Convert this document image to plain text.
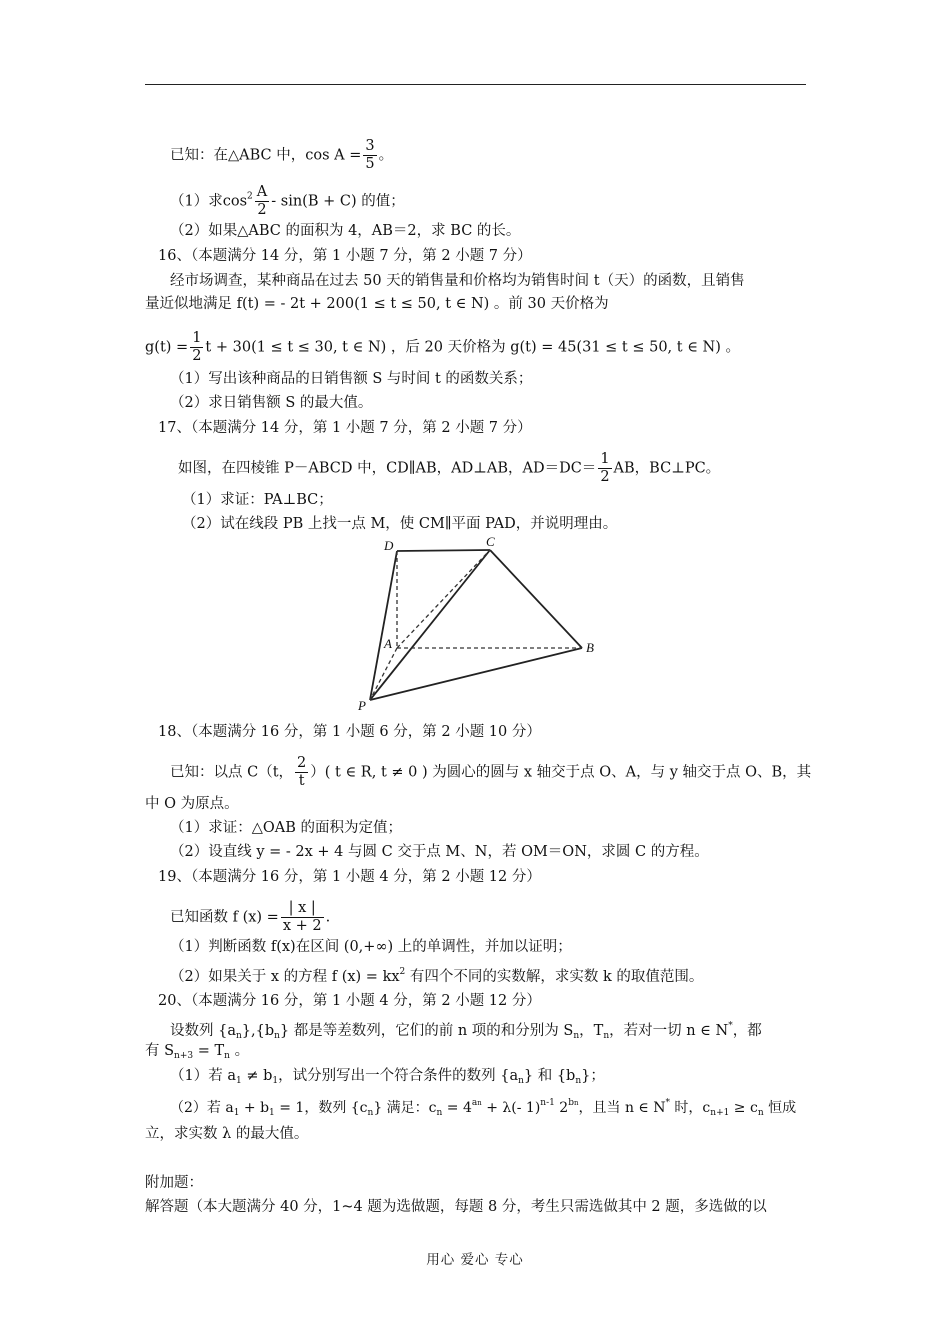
已知：在△ABC 中，$\cos A = \frac{3}{5}$ 。
（1）求$\cos^2 \frac{A}{2} - \sin(B + C)$ 的值；
（2）如果△ABC 的面积为 4，AB＝2，求 BC 的长。
16、（本题满分 14 分，第 1 小题 7 分，第 2 小题 7 分）
经市场调查，某种商品在过去 50 天的销售量和价格均为销售时间 t（天）的函数，且销售
量近似地满足 f(t) = - 2t + 200(1 ≤ t ≤ 50, t ∈ N) 。前 30 天价格为
$g(t) = \frac{1}{2}$ t + 30(1 ≤ t ≤ 30, t ∈ N) ，后 20 天价格为 g(t) = 45(31 ≤ t ≤ 50, t ∈ N) 。
（1）写出该种商品的日销售额 S 与时间 t 的函数关系；
（2）求日销售额 S 的最大值。
17、（本题满分 14 分，第 1 小题 7 分，第 2 小题 7 分）
如图，在四棱锥 P－ABCD 中，CD∥AB，AD⊥AB，$AD=DC= \frac{1}{2}$ AB，BC⊥PC。
（1）求证：PA⊥BC；
（2）试在线段 PB 上找一点 M，使 CM∥平面 PAD，并说明理由。
D	C
A	B
P
18、（本题满分 16 分，第 1 小题 6 分，第 2 小题 10 分）
已知：以点 C（t， $\frac{2}{t}$ ）( t ∈ R, t ≠ 0 ) 为圆心的圆与 x 轴交于点 O、A，与 y 轴交于点 O、B，其
中 O 为原点。
（1）求证：△OAB 的面积为定值；
（2）设直线 y = - 2x + 4 与圆 C 交于点 M、N，若 OM＝ON，求圆 C 的方程。
19、（本题满分 16 分，第 1 小题 4 分，第 2 小题 12 分）
已知函数 f $(x) = \frac{| x |}{x + 2}$ .
（1）判断函数 f(x)在区间 (0,+∞) 上的单调性，并加以证明；
（2）如果关于 x 的方程 f $(x) = kx^2$ 有四个不同的实数解，求实数 k 的取值范围。
20、（本题满分 16 分，第 1 小题 4 分，第 2 小题 12 分）
设数列 $\{a_n\},\{b_n\}$ 都是等差数列，它们的前 n 项的和分别为 $S_n$，$T_n$，若对一切 n ∈ N*，都
有 $S_{n+3} = T_n$ 。
（1）若 $a_1 \ne b_1$，试分别写出一个符合条件的数列 $\{a_n\}$ 和 $\{b_n\}$；
（2）若 $a_1 + b_1 = 1$，数列 $\{c_n\}$ 满足：$c_n = 4^{an} + \lambda(-$ 1)$^{n-1}$ $2^{bn}$，且当 n ∈ N* 时，$c_{n+1} \ge c_n$ 恒成
立，求实数 λ 的最大值。
附加题：
解答题（本大题满分 40 分，1~4 题为选做题，每题 8 分，考生只需选做其中 2 题，多选做的以
用心 爱心 专心
